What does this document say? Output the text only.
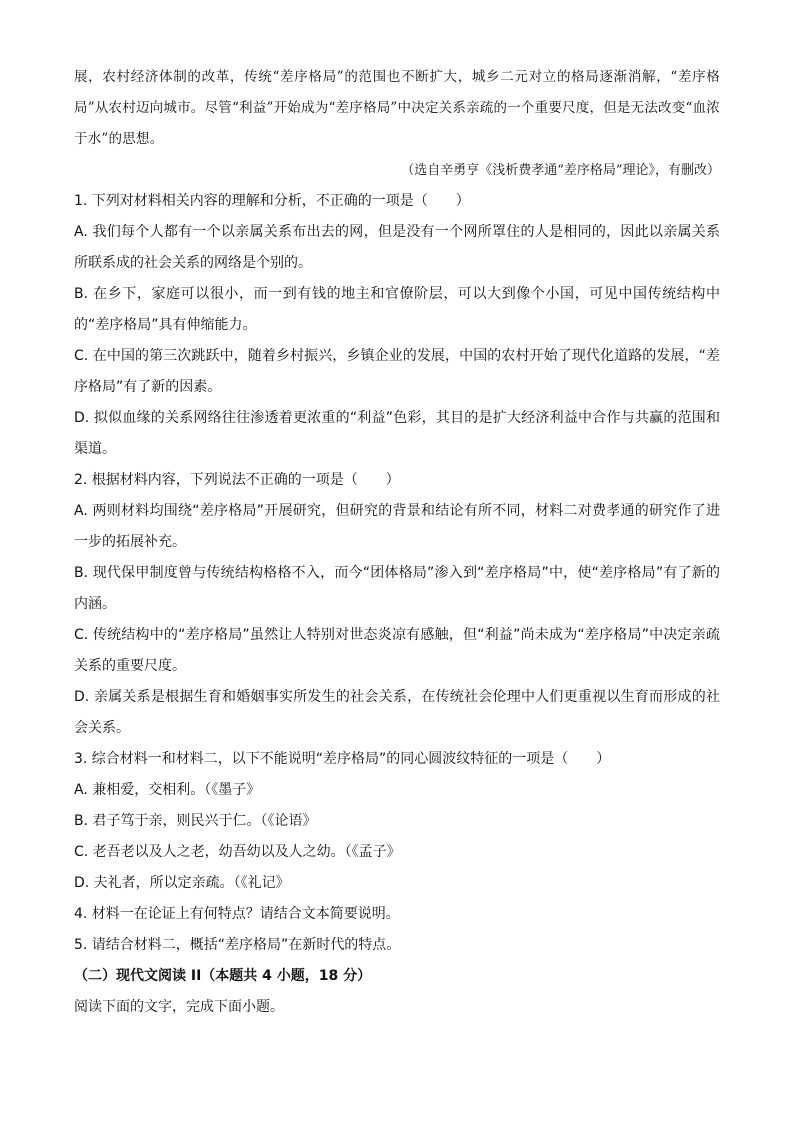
展，农村经济体制的改革，传统“差序格局”的范围也不断扩大，城乡二元对立的格局逐渐消解，“差序格局”从农村迈向城市。尽管“利益”开始成为“差序格局”中决定关系亲疏的一个重要尺度，但是无法改变“血浓于水”的思想。

（选自辛勇亨《浅析费孝通“差序格局”理论》，有删改）

1. 下列对材料相关内容的理解和分析，不正确的一项是（　　）

A. 我们每个人都有一个以亲属关系布出去的网，但是没有一个网所罩住的人是相同的，因此以亲属关系所联系成的社会关系的网络是个别的。

B. 在乡下，家庭可以很小，而一到有钱的地主和官僚阶层，可以大到像个小国，可见中国传统结构中的“差序格局”具有伸缩能力。

C. 在中国的第三次跳跃中，随着乡村振兴，乡镇企业的发展，中国的农村开始了现代化道路的发展，“差序格局”有了新的因素。

D. 拟似血缘的关系网络往往渗透着更浓重的“利益”色彩，其目的是扩大经济利益中合作与共赢的范围和渠道。

2. 根据材料内容，下列说法不正确的一项是（　　）

A. 两则材料均围绕“差序格局”开展研究，但研究的背景和结论有所不同，材料二对费孝通的研究作了进一步的拓展补充。

B. 现代保甲制度曾与传统结构格格不入，而今“团体格局”渗入到“差序格局”中，使“差序格局”有了新的内涵。

C. 传统结构中的“差序格局”虽然让人特别对世态炎凉有感触，但“利益”尚未成为“差序格局”中决定亲疏关系的重要尺度。

D. 亲属关系是根据生育和婚姻事实所发生的社会关系，在传统社会伦理中人们更重视以生育而形成的社会关系。

3. 综合材料一和材料二，以下不能说明“差序格局”的同心圆波纹特征的一项是（　　）

A. 兼相爱，交相利。（《墨子》

B. 君子笃于亲，则民兴于仁。（《论语》

C. 老吾老以及人之老，幼吾幼以及人之幼。（《孟子》

D. 夫礼者，所以定亲疏。（《礼记》

4. 材料一在论证上有何特点？请结合文本简要说明。

5. 请结合材料二，概括“差序格局”在新时代的特点。

（二）现代文阅读 II（本题共 4 小题，18 分）

阅读下面的文字，完成下面小题。
